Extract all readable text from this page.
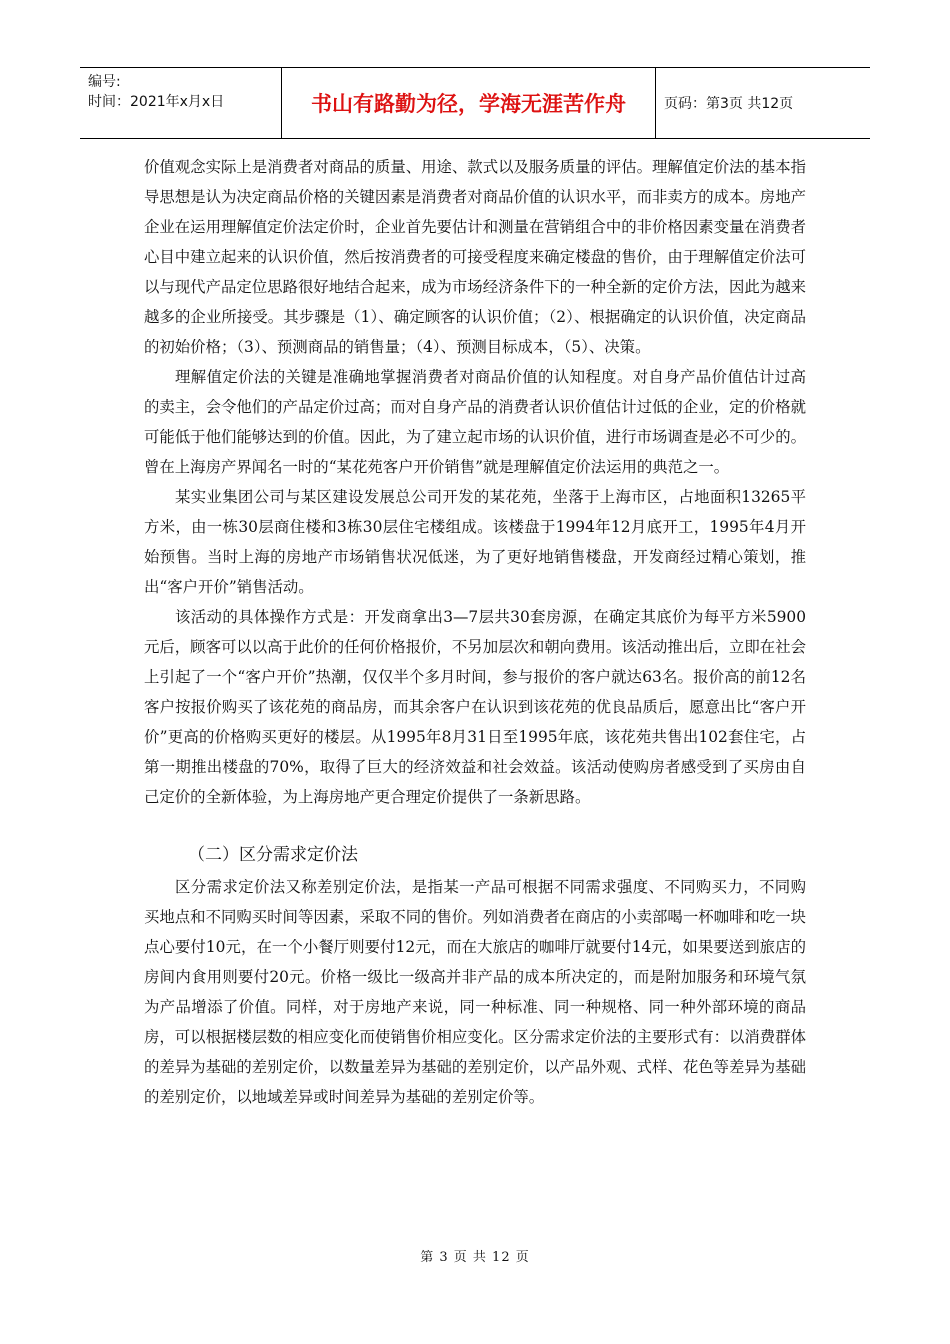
编号:
时间：2021年x月x日	书山有路勤为径，学海无涯苦作舟	页码：第3页 共12页

价值观念实际上是消费者对商品的质量、用途、款式以及服务质量的评估。理解值定价法的基本指导思想是认为决定商品价格的关键因素是消费者对商品价值的认识水平，而非卖方的成本。房地产企业在运用理解值定价法定价时，企业首先要估计和测量在营销组合中的非价格因素变量在消费者心目中建立起来的认识价值，然后按消费者的可接受程度来确定楼盘的售价，由于理解值定价法可以与现代产品定位思路很好地结合起来，成为市场经济条件下的一种全新的定价方法，因此为越来越多的企业所接受。其步骤是（1）、确定顾客的认识价值；（2）、根据确定的认识价值，决定商品的初始价格；（3）、预测商品的销售量；（4）、预测目标成本，（5）、决策。

理解值定价法的关键是准确地掌握消费者对商品价值的认知程度。对自身产品价值估计过高的卖主，会令他们的产品定价过高；而对自身产品的消费者认识价值估计过低的企业，定的价格就可能低于他们能够达到的价值。因此，为了建立起市场的认识价值，进行市场调查是必不可少的。曾在上海房产界闻名一时的“某花苑客户开价销售”就是理解值定价法运用的典范之一。

某实业集团公司与某区建设发展总公司开发的某花苑，坐落于上海市区，占地面积13265平方米，由一栋30层商住楼和3栋30层住宅楼组成。该楼盘于1994年12月底开工，1995年4月开始预售。当时上海的房地产市场销售状况低迷，为了更好地销售楼盘，开发商经过精心策划，推出“客户开价”销售活动。

该活动的具体操作方式是：开发商拿出3—7层共30套房源，在确定其底价为每平方米5900元后，顾客可以以高于此价的任何价格报价，不另加层次和朝向费用。该活动推出后，立即在社会上引起了一个“客户开价”热潮，仅仅半个多月时间，参与报价的客户就达63名。报价高的前12名客户按报价购买了该花苑的商品房，而其余客户在认识到该花苑的优良品质后，愿意出比“客户开价”更高的价格购买更好的楼层。从1995年8月31日至1995年底，该花苑共售出102套住宅，占第一期推出楼盘的70%，取得了巨大的经济效益和社会效益。该活动使购房者感受到了买房由自己定价的全新体验，为上海房地产更合理定价提供了一条新思路。

（二）区分需求定价法

区分需求定价法又称差别定价法，是指某一产品可根据不同需求强度、不同购买力，不同购买地点和不同购买时间等因素，采取不同的售价。列如消费者在商店的小卖部喝一杯咖啡和吃一块点心要付10元，在一个小餐厅则要付12元，而在大旅店的咖啡厅就要付14元，如果要送到旅店的房间内食用则要付20元。价格一级比一级高并非产品的成本所决定的，而是附加服务和环境气氛为产品增添了价值。同样，对于房地产来说，同一种标准、同一种规格、同一种外部环境的商品房，可以根据楼层数的相应变化而使销售价相应变化。区分需求定价法的主要形式有：以消费群体的差异为基础的差别定价，以数量差异为基础的差别定价，以产品外观、式样、花色等差异为基础的差别定价，以地域差异或时间差异为基础的差别定价等。

第 3 页 共 12 页
